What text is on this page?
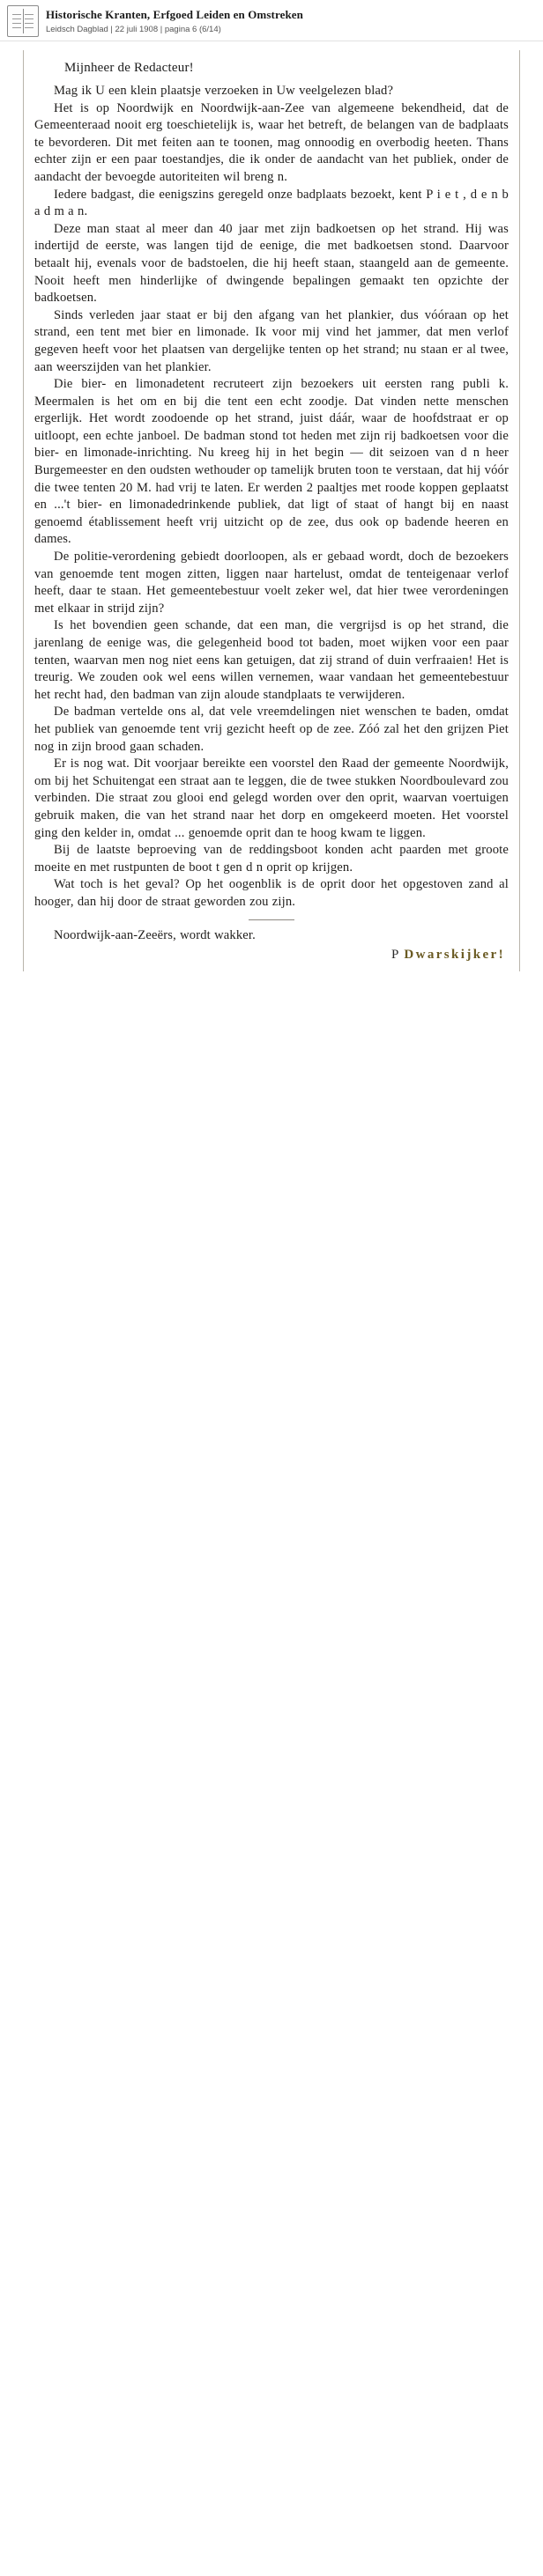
Historische Kranten, Erfgoed Leiden en Omstreken
Leidsch Dagblad | 22 juli 1908 | pagina 6 (6/14)
Mijnheer de Redacteur!

Mag ik U een klein plaatsje verzoeken in Uw veelgelezen blad?

Het is op Noordwijk en Noordwijk-aan-Zee van algemeene bekendheid, dat de Gemeenteraad nooit erg toeschietelijk is, waar het betreft, de belangen van de badplaats te bevorderen. Dit met feiten aan te toonen, mag onnoodig en overbodig heeten. Thans echter zijn er een paar toestandjes, die ik onder de aandacht van het publiek, onder de aandacht der bevoegde autoriteiten wil breng n.

Iedere badgast, die eenigszins geregeld onze badplaats bezoekt, kent P i e t , d e n b a d m a n.

Deze man staat al meer dan 40 jaar met zijn badkoetsen op het strand. Hij was indertijd de eerste, was langen tijd de eenige, die met badkoetsen stond. Daarvoor betaalt hij, evenals voor de badstoelen, die hij heeft staan, staangeld aan de gemeente. Nooit heeft men hinderlijke of dwingende bepalingen gemaakt ten opzichte der badkoetsen.

Sinds verleden jaar staat er bij den afgang van het plankier, dus vóóraan op het strand, een tent met bier en limonade. Ik voor mij vind het jammer, dat men verlof gegeven heeft voor het plaatsen van dergelijke tenten op het strand; nu staan er al twee, aan weerszijden van het plankier.

Die bier- en limonadetent recruteert zijn bezoekers uit eersten rang publi k. Meermalen is het om en bij die tent een echt zoodje. Dat vinden nette menschen ergerlijk. Het wordt zoodoende op het strand, juist dáár, waar de hoofdstraat er op uitloopt, een echte janboel. De badman stond tot heden met zijn rij badkoetsen voor die bier- en limonade-inrichting. Nu kreeg hij in het begin — dit seizoen van d n heer Burgemeester en den oudsten wethouder op tamelijk bruten toon te verstaan, dat hij vóór die twee tenten 20 M. had vrij te laten. Er werden 2 paaltjes met roode koppen geplaatst en ...'t bier- en limonadedrinkende publiek, dat ligt of staat of hangt bij en naast genoemd établissement heeft vrij uitzicht op de zee, dus ook op badende heeren en dames.

De politie-verordening gebiedt doorloopen, als er gebaad wordt, doch de bezoekers van genoemde tent mogen zitten, liggen naar hartelust, omdat de tenteigenaar verlof heeft, daar te staan. Het gemeentebestuur voelt zeker wel, dat hier twee verordeningen met elkaar in strijd zijn?

Is het bovendien geen schande, dat een man, die vergrijsd is op het strand, die jarenlang de eenige was, die gelegenheid bood tot baden, moet wijken voor een paar tenten, waarvan men nog niet eens kan getuigen, dat zij strand of duin verfraaien! Het is treurig. We zouden ook wel eens willen vernemen, waar vandaan het gemeentebestuur het recht had, den badman van zijn aloude standplaats te verwijderen.

De badman vertelde ons al, dat vele vreemdelingen niet wenschen te baden, omdat het publiek van genoemde tent vrij gezicht heeft op de zee. Zóó zal het den grijzen Piet nog in zijn brood gaan schaden.

Er is nog wat. Dit voorjaar bereikte een voorstel den Raad der gemeente Noordwijk, om bij het Schuitengat een straat aan te leggen, die de twee stukken Noordboulevard zou verbinden. Die straat zou glooi end gelegd worden over den oprit, waarvan voertuigen gebruik maken, die van het strand naar het dorp en omgekeerd moeten. Het voorstel ging den kelder in, omdat ... genoemde oprit dan te hoog kwam te liggen.

Bij de laatste beproeving van de reddingsboot konden acht paarden met groote moeite en met rustpunten de boot t gen d n oprit op krijgen.

Wat toch is het geval? Op het oogenblik is de oprit door het opgestoven zand al hooger, dan hij door de straat geworden zou zijn.

Noordwijk-aan-Zeeërs, wordt wakker.

P Dwarskijker!
